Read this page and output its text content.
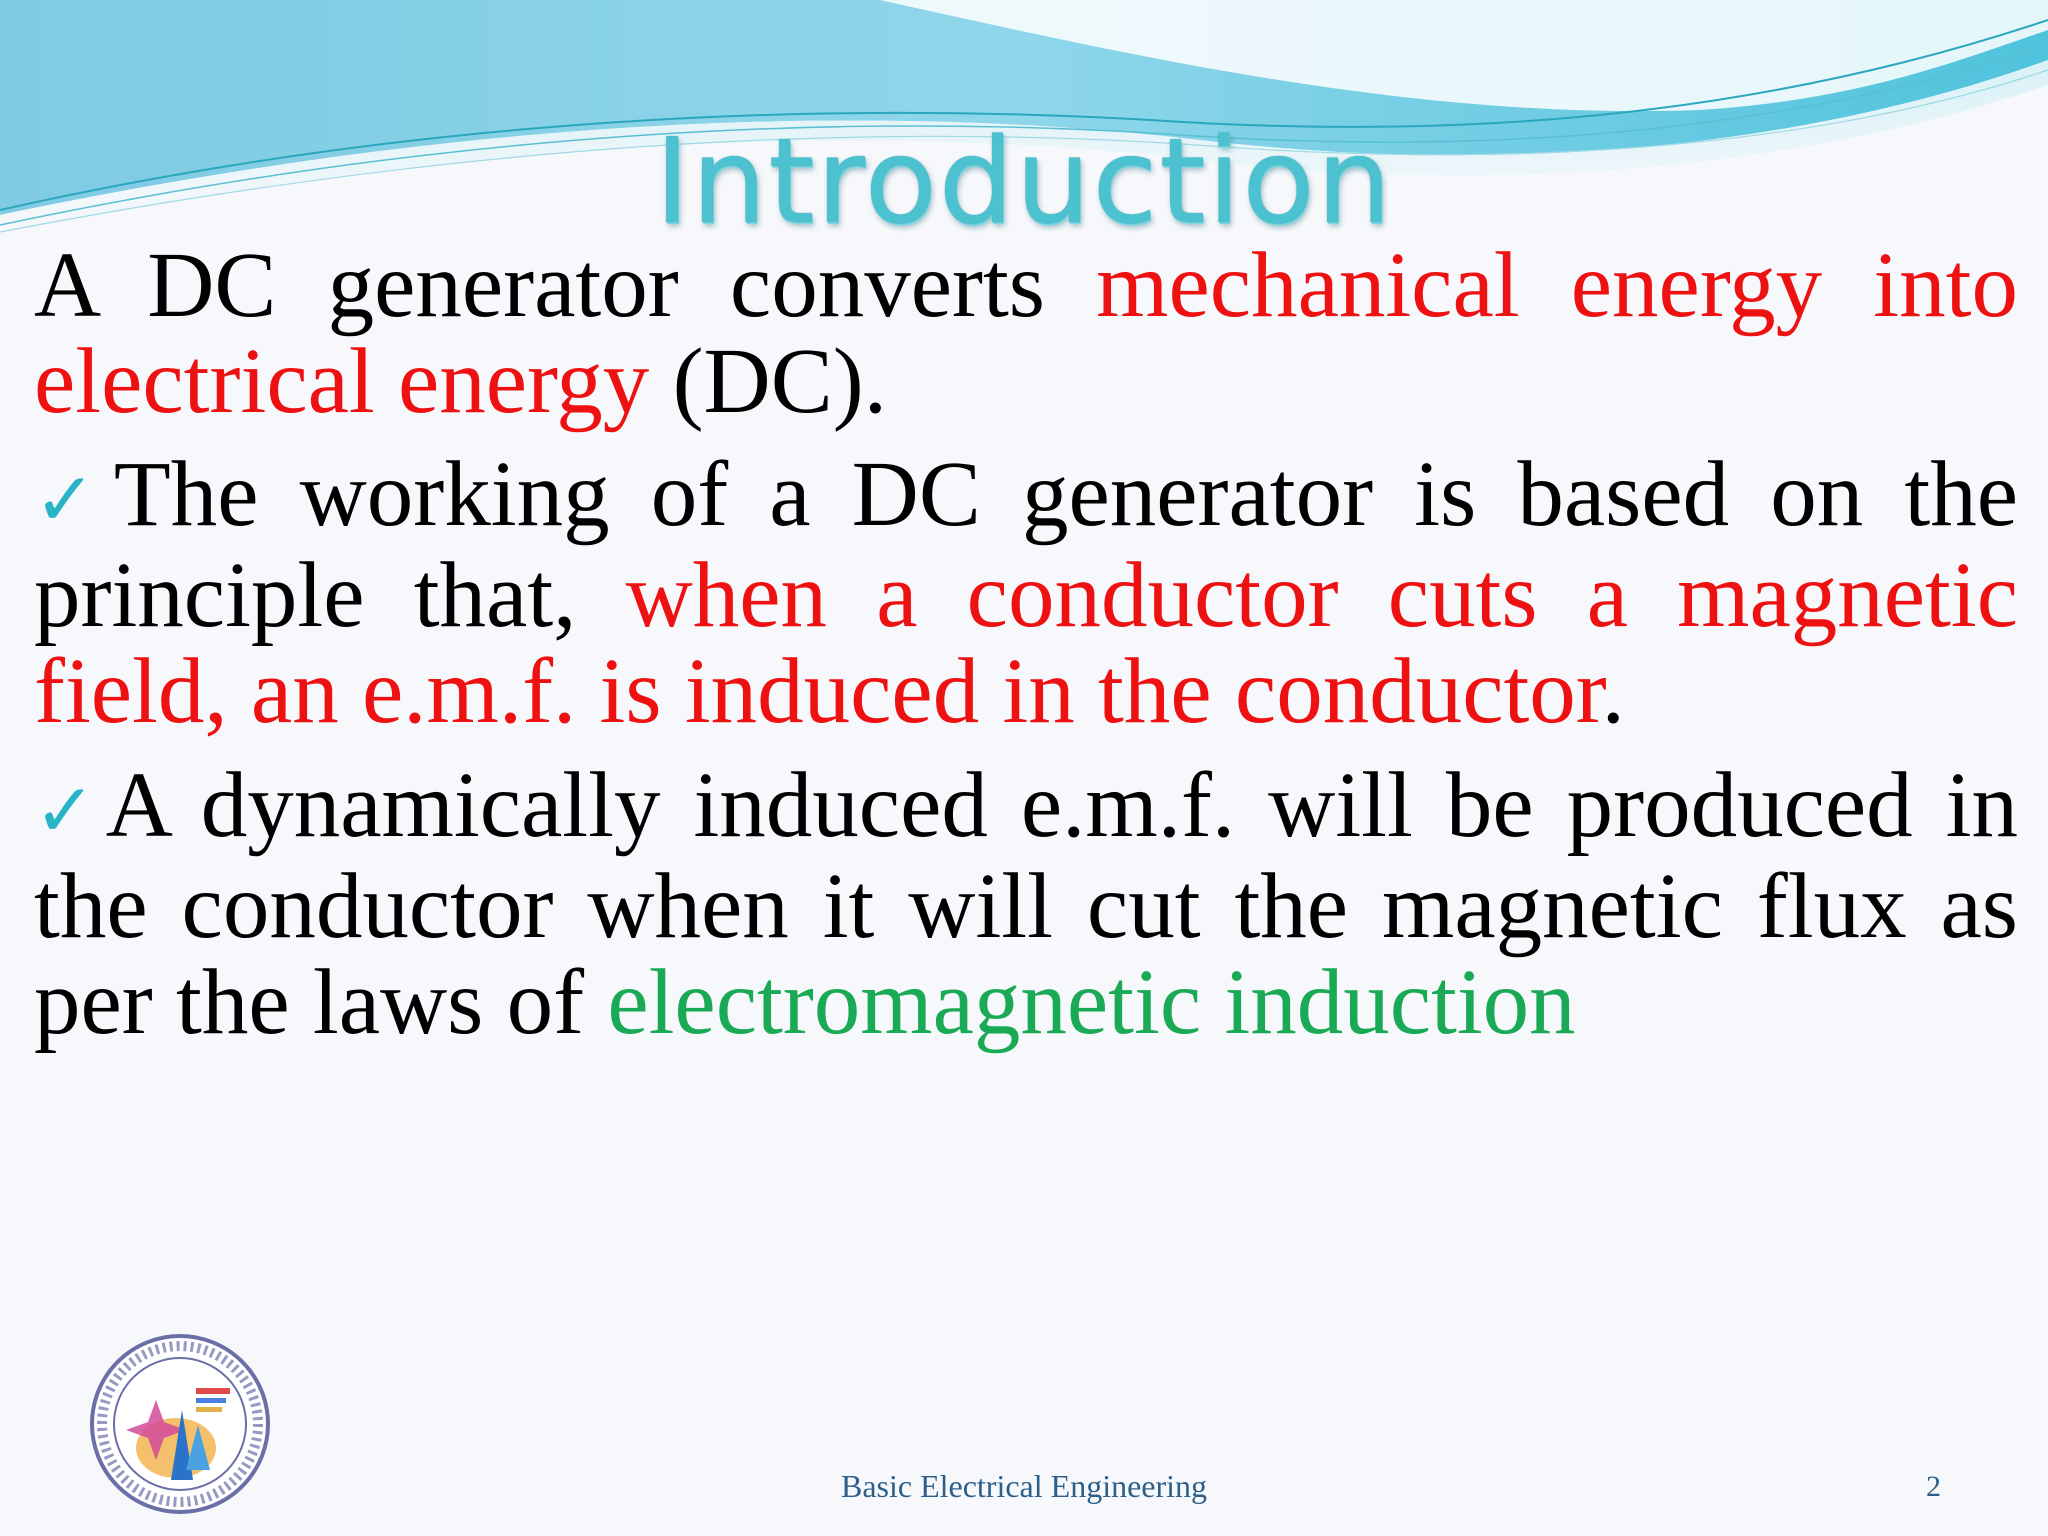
Introduction

A DC generator converts mechanical energy into electrical energy (DC).

✓The working of a DC generator is based on the principle that, when a conductor cuts a magnetic field, an e.m.f. is induced in the conductor.

✓A dynamically induced e.m.f. will be produced in the conductor when it will cut the magnetic flux as per the laws of electromagnetic induction

Basic Electrical Engineering	2
